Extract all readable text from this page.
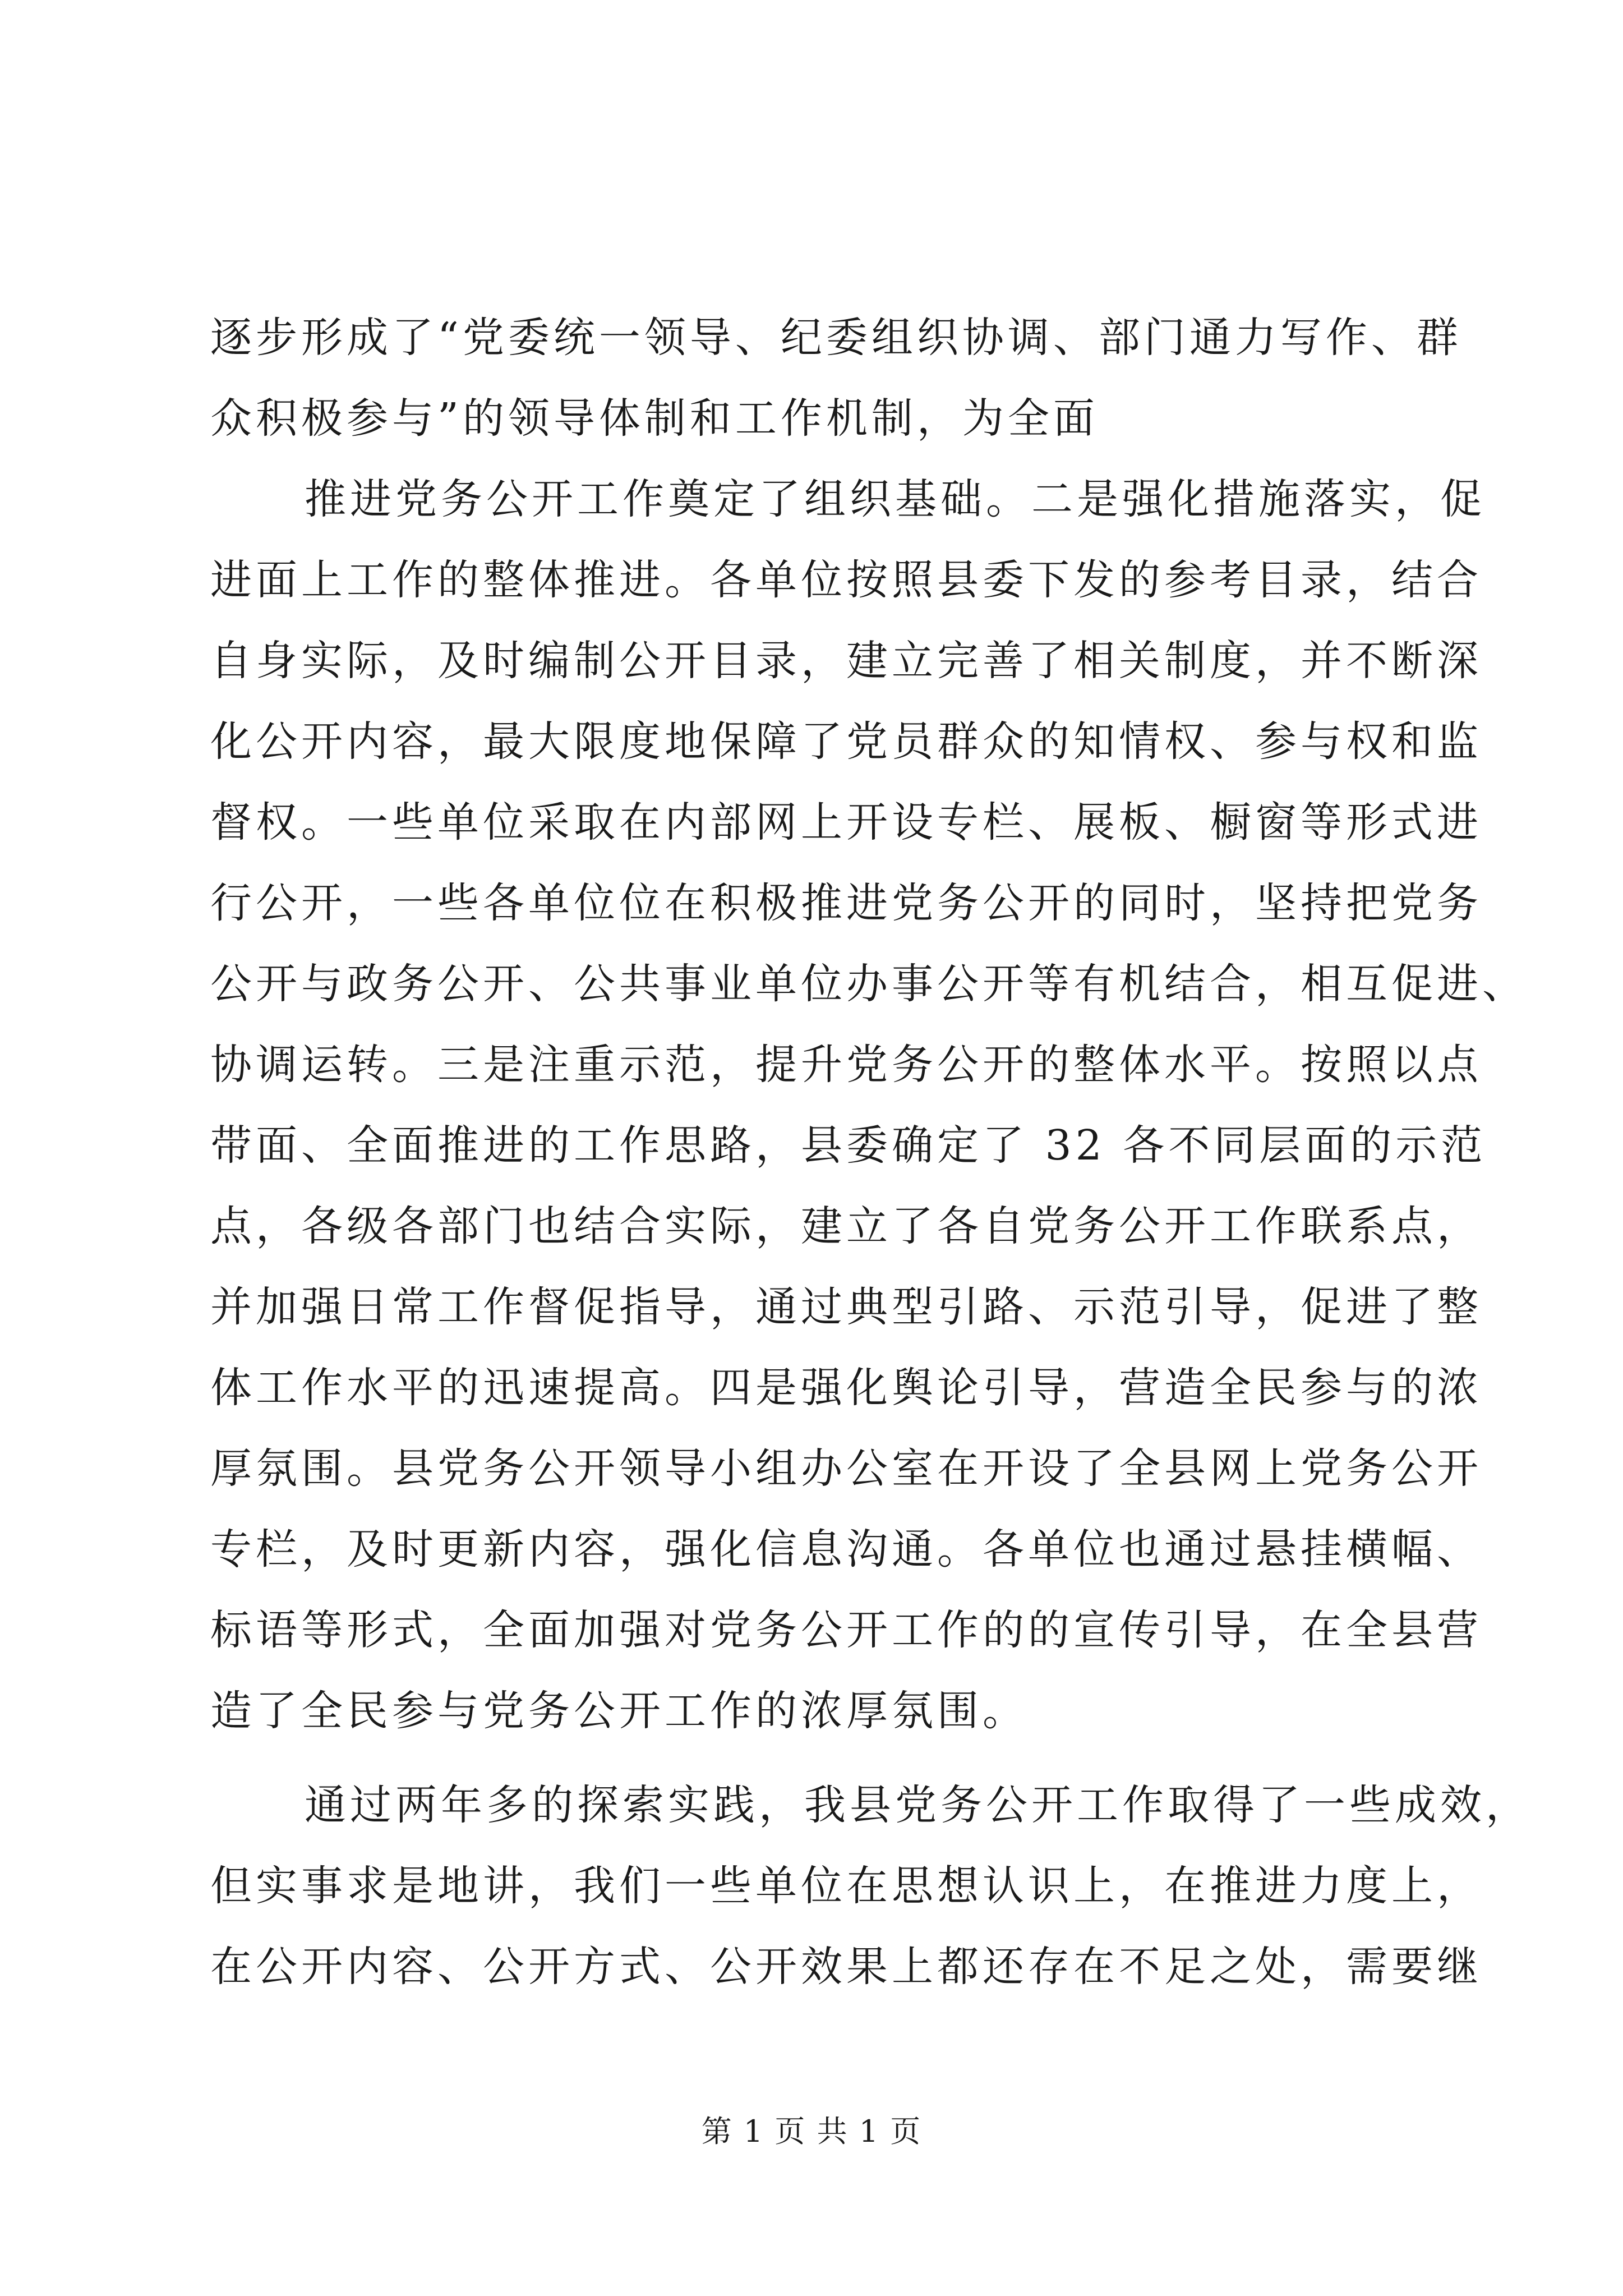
逐步形成了“党委统一领导、纪委组织协调、部门通力写作、群
众积极参与”的领导体制和工作机制，为全面
推进党务公开工作奠定了组织基础。二是强化措施落实，促
进面上工作的整体推进。各单位按照县委下发的参考目录，结合
自身实际，及时编制公开目录，建立完善了相关制度，并不断深
化公开内容，最大限度地保障了党员群众的知情权、参与权和监
督权。一些单位采取在内部网上开设专栏、展板、橱窗等形式进
行公开，一些各单位位在积极推进党务公开的同时，坚持把党务
公开与政务公开、公共事业单位办事公开等有机结合，相互促进、
协调运转。三是注重示范，提升党务公开的整体水平。按照以点
带面、全面推进的工作思路，县委确定了 32 各不同层面的示范
点，各级各部门也结合实际，建立了各自党务公开工作联系点，
并加强日常工作督促指导，通过典型引路、示范引导，促进了整
体工作水平的迅速提高。四是强化舆论引导，营造全民参与的浓
厚氛围。县党务公开领导小组办公室在开设了全县网上党务公开
专栏，及时更新内容，强化信息沟通。各单位也通过悬挂横幅、
标语等形式，全面加强对党务公开工作的的宣传引导，在全县营
造了全民参与党务公开工作的浓厚氛围。
通过两年多的探索实践，我县党务公开工作取得了一些成效，
但实事求是地讲，我们一些单位在思想认识上，在推进力度上，
在公开内容、公开方式、公开效果上都还存在不足之处，需要继
第 1 页 共 1 页
